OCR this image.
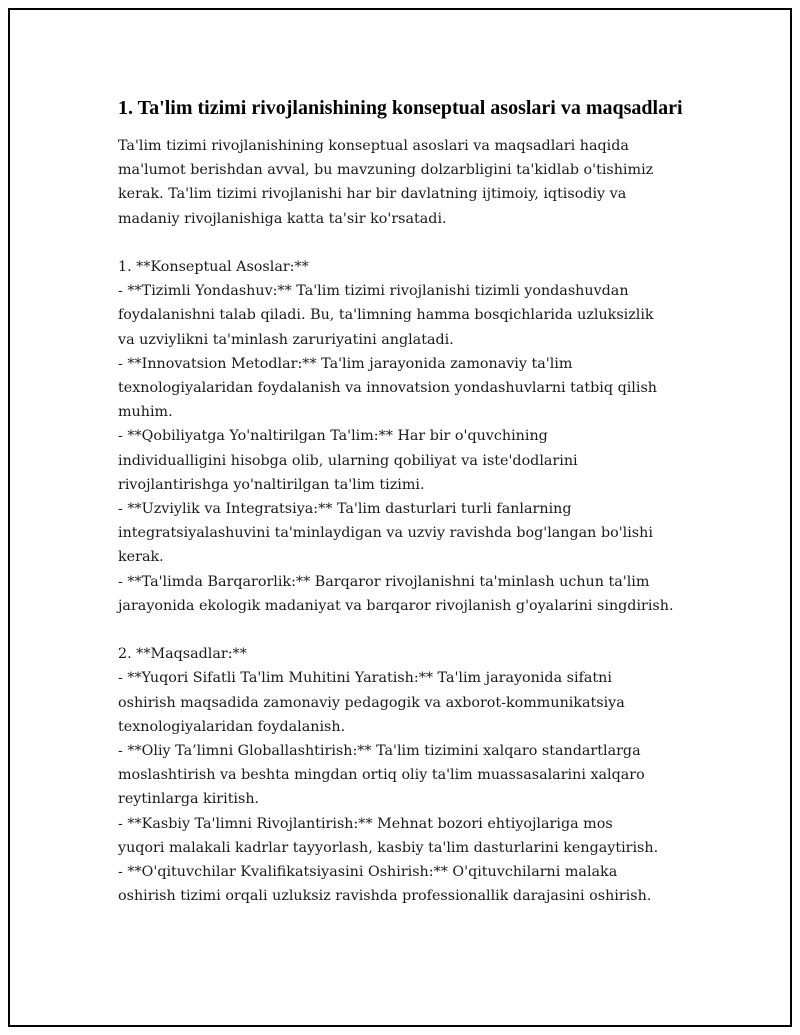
1. Ta'lim tizimi rivojlanishining konseptual asoslari va maqsadlari

Ta'lim tizimi rivojlanishining konseptual asoslari va maqsadlari haqida
ma'lumot berishdan avval, bu mavzuning dolzarbligini ta'kidlab o'tishimiz
kerak. Ta'lim tizimi rivojlanishi har bir davlatning ijtimoiy, iqtisodiy va
madaniy rivojlanishiga katta ta'sir ko'rsatadi.

1. **Konseptual Asoslar:**

- **Tizimli Yondashuv:** Ta'lim tizimi rivojlanishi tizimli yondashuvdan
foydalanishni talab qiladi. Bu, ta'limning hamma bosqichlarida uzluksizlik
va uzviylikni ta'minlash zaruriyatini anglatadi.

- **Innovatsion Metodlar:** Ta'lim jarayonida zamonaviy ta'lim
texnologiyalaridan foydalanish va innovatsion yondashuvlarni tatbiq qilish
muhim.

- **Qobiliyatga Yo'naltirilgan Ta'lim:** Har bir o'quvchining
individualligini hisobga olib, ularning qobiliyat va iste'dodlarini
rivojlantirishga yo'naltirilgan ta'lim tizimi.

- **Uzviylik va Integratsiya:** Ta'lim dasturlari turli fanlarning
integratsiyalashuvini ta'minlaydigan va uzviy ravishda bog'langan bo'lishi
kerak.

- **Ta'limda Barqarorlik:** Barqaror rivojlanishni ta'minlash uchun ta'lim
jarayonida ekologik madaniyat va barqaror rivojlanish g'oyalarini singdirish.

2. **Maqsadlar:**

- **Yuqori Sifatli Ta'lim Muhitini Yaratish:** Ta'lim jarayonida sifatni
oshirish maqsadida zamonaviy pedagogik va axborot-kommunikatsiya
texnologiyalaridan foydalanish.

- **Oliy Ta’limni Globallashtirish:** Ta'lim tizimini xalqaro standartlarga
moslashtirish va beshta mingdan ortiq oliy ta'lim muassasalarini xalqaro
reytinlarga kiritish.

- **Kasbiy Ta'limni Rivojlantirish:** Mehnat bozori ehtiyojlariga mos
yuqori malakali kadrlar tayyorlash, kasbiy ta'lim dasturlarini kengaytirish.

- **O'qituvchilar Kvalifikatsiyasini Oshirish:** O'qituvchilarni malaka
oshirish tizimi orqali uzluksiz ravishda professionallik darajasini oshirish.
